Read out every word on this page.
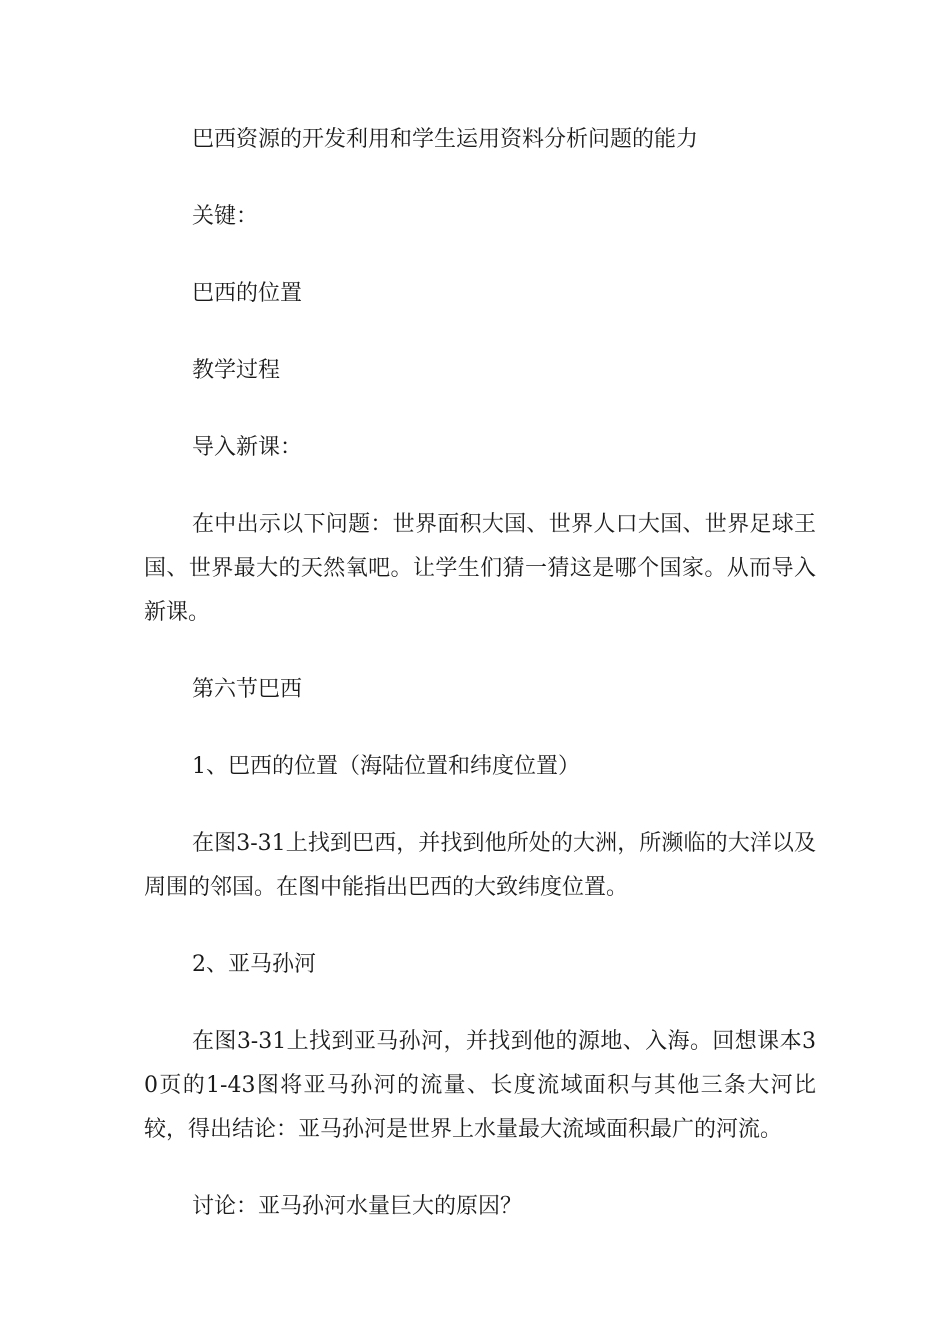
巴西资源的开发利用和学生运用资料分析问题的能力

关键：

巴西的位置

教学过程

导入新课：

在中出示以下问题：世界面积大国、世界人口大国、世界足球王国、世界最大的天然氧吧。让学生们猜一猜这是哪个国家。从而导入新课。

第六节巴西

1、巴西的位置（海陆位置和纬度位置）

在图3-31上找到巴西，并找到他所处的大洲，所濒临的大洋以及周围的邻国。在图中能指出巴西的大致纬度位置。

2、亚马孙河

在图3-31上找到亚马孙河，并找到他的源地、入海。回想课本30页的1-43图将亚马孙河的流量、长度流域面积与其他三条大河比较，得出结论：亚马孙河是世界上水量最大流域面积最广的河流。

讨论：亚马孙河水量巨大的原因？
